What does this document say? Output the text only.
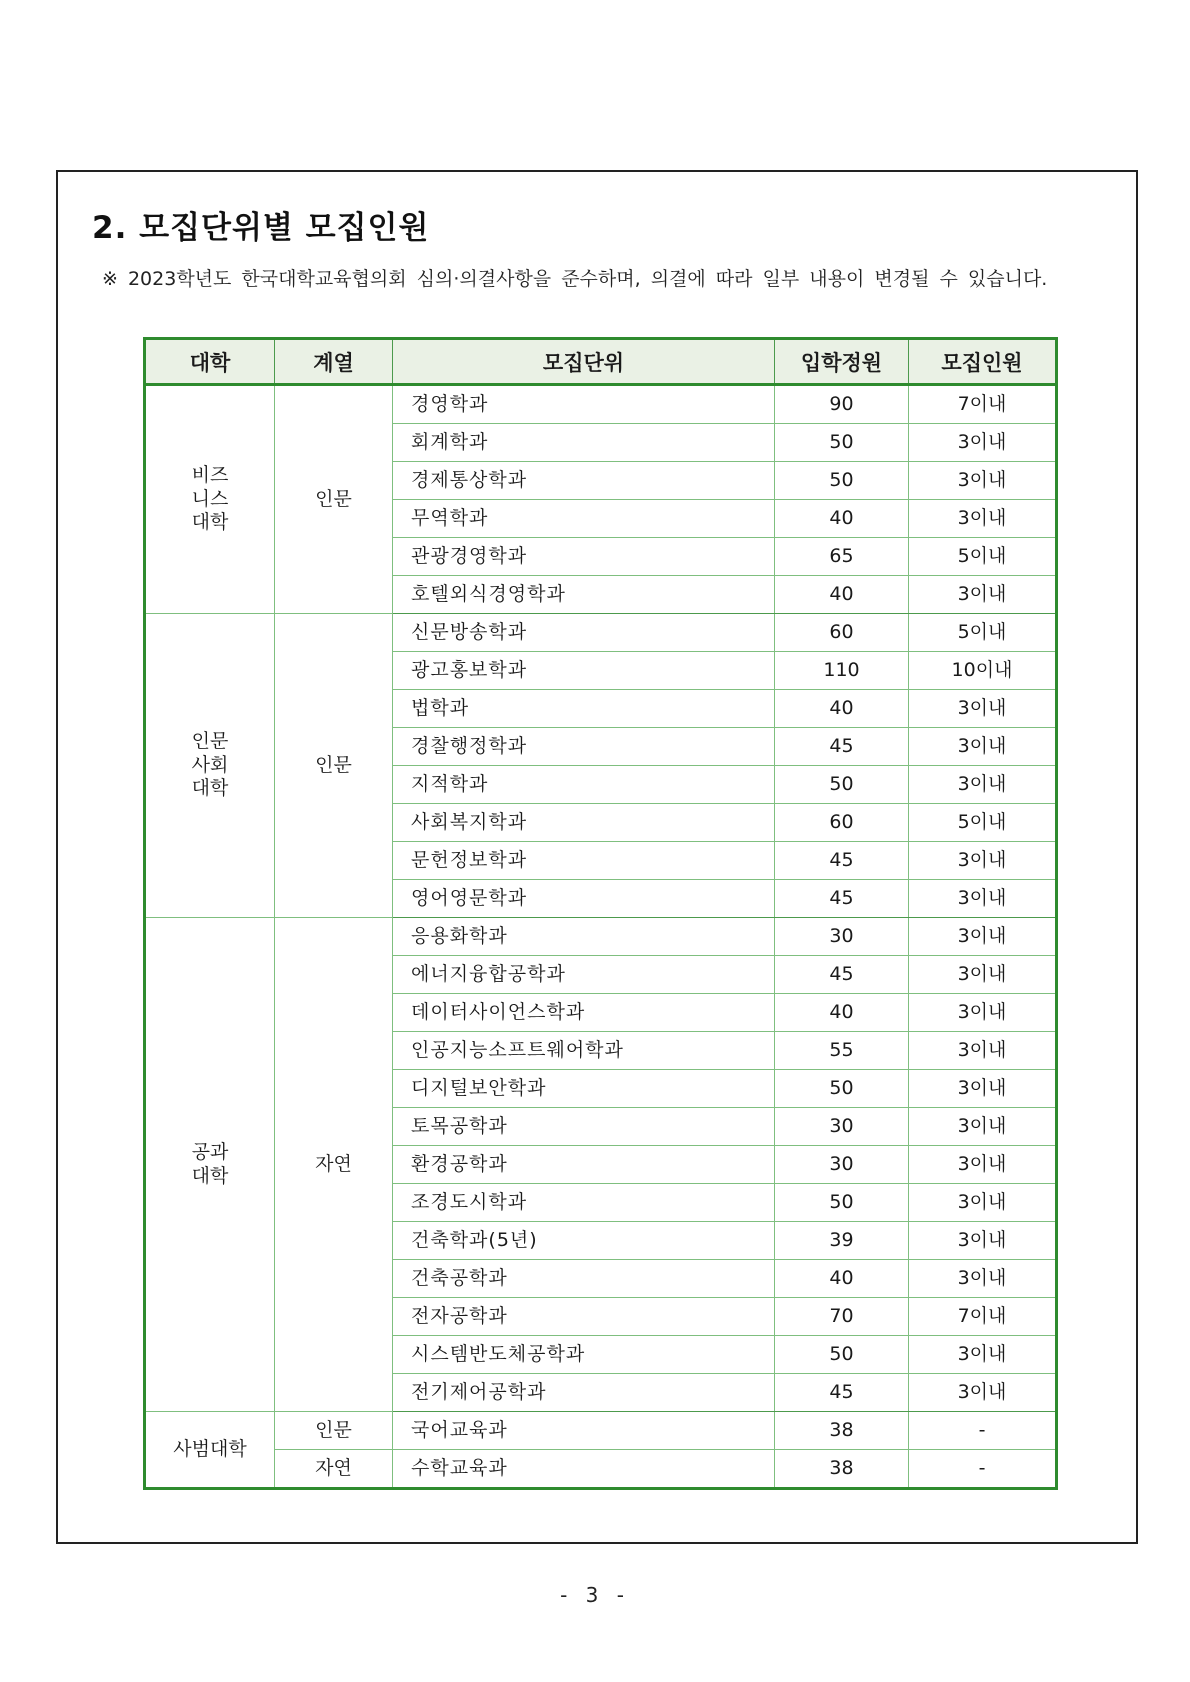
2. 모집단위별 모집인원

※ 2023학년도 한국대학교육협의회 심의·의결사항을 준수하며, 의결에 따라 일부 내용이 변경될 수 있습니다.

대학	계열	모집단위	입학정원	모집인원
비즈
니스
대학	인문	경영학과	90	7이내
		회계학과	50	3이내
		경제통상학과	50	3이내
		무역학과	40	3이내
		관광경영학과	65	5이내
		호텔외식경영학과	40	3이내
인문
사회
대학	인문	신문방송학과	60	5이내
		광고홍보학과	110	10이내
		법학과	40	3이내
		경찰행정학과	45	3이내
		지적학과	50	3이내
		사회복지학과	60	5이내
		문헌정보학과	45	3이내
		영어영문학과	45	3이내
공과
대학	자연	응용화학과	30	3이내
		에너지융합공학과	45	3이내
		데이터사이언스학과	40	3이내
		인공지능소프트웨어학과	55	3이내
		디지털보안학과	50	3이내
		토목공학과	30	3이내
		환경공학과	30	3이내
		조경도시학과	50	3이내
		건축학과(5년)	39	3이내
		건축공학과	40	3이내
		전자공학과	70	7이내
		시스템반도체공학과	50	3이내
		전기제어공학과	45	3이내
사범대학	인문	국어교육과	38	-
	자연	수학교육과	38	-
- 3 -
